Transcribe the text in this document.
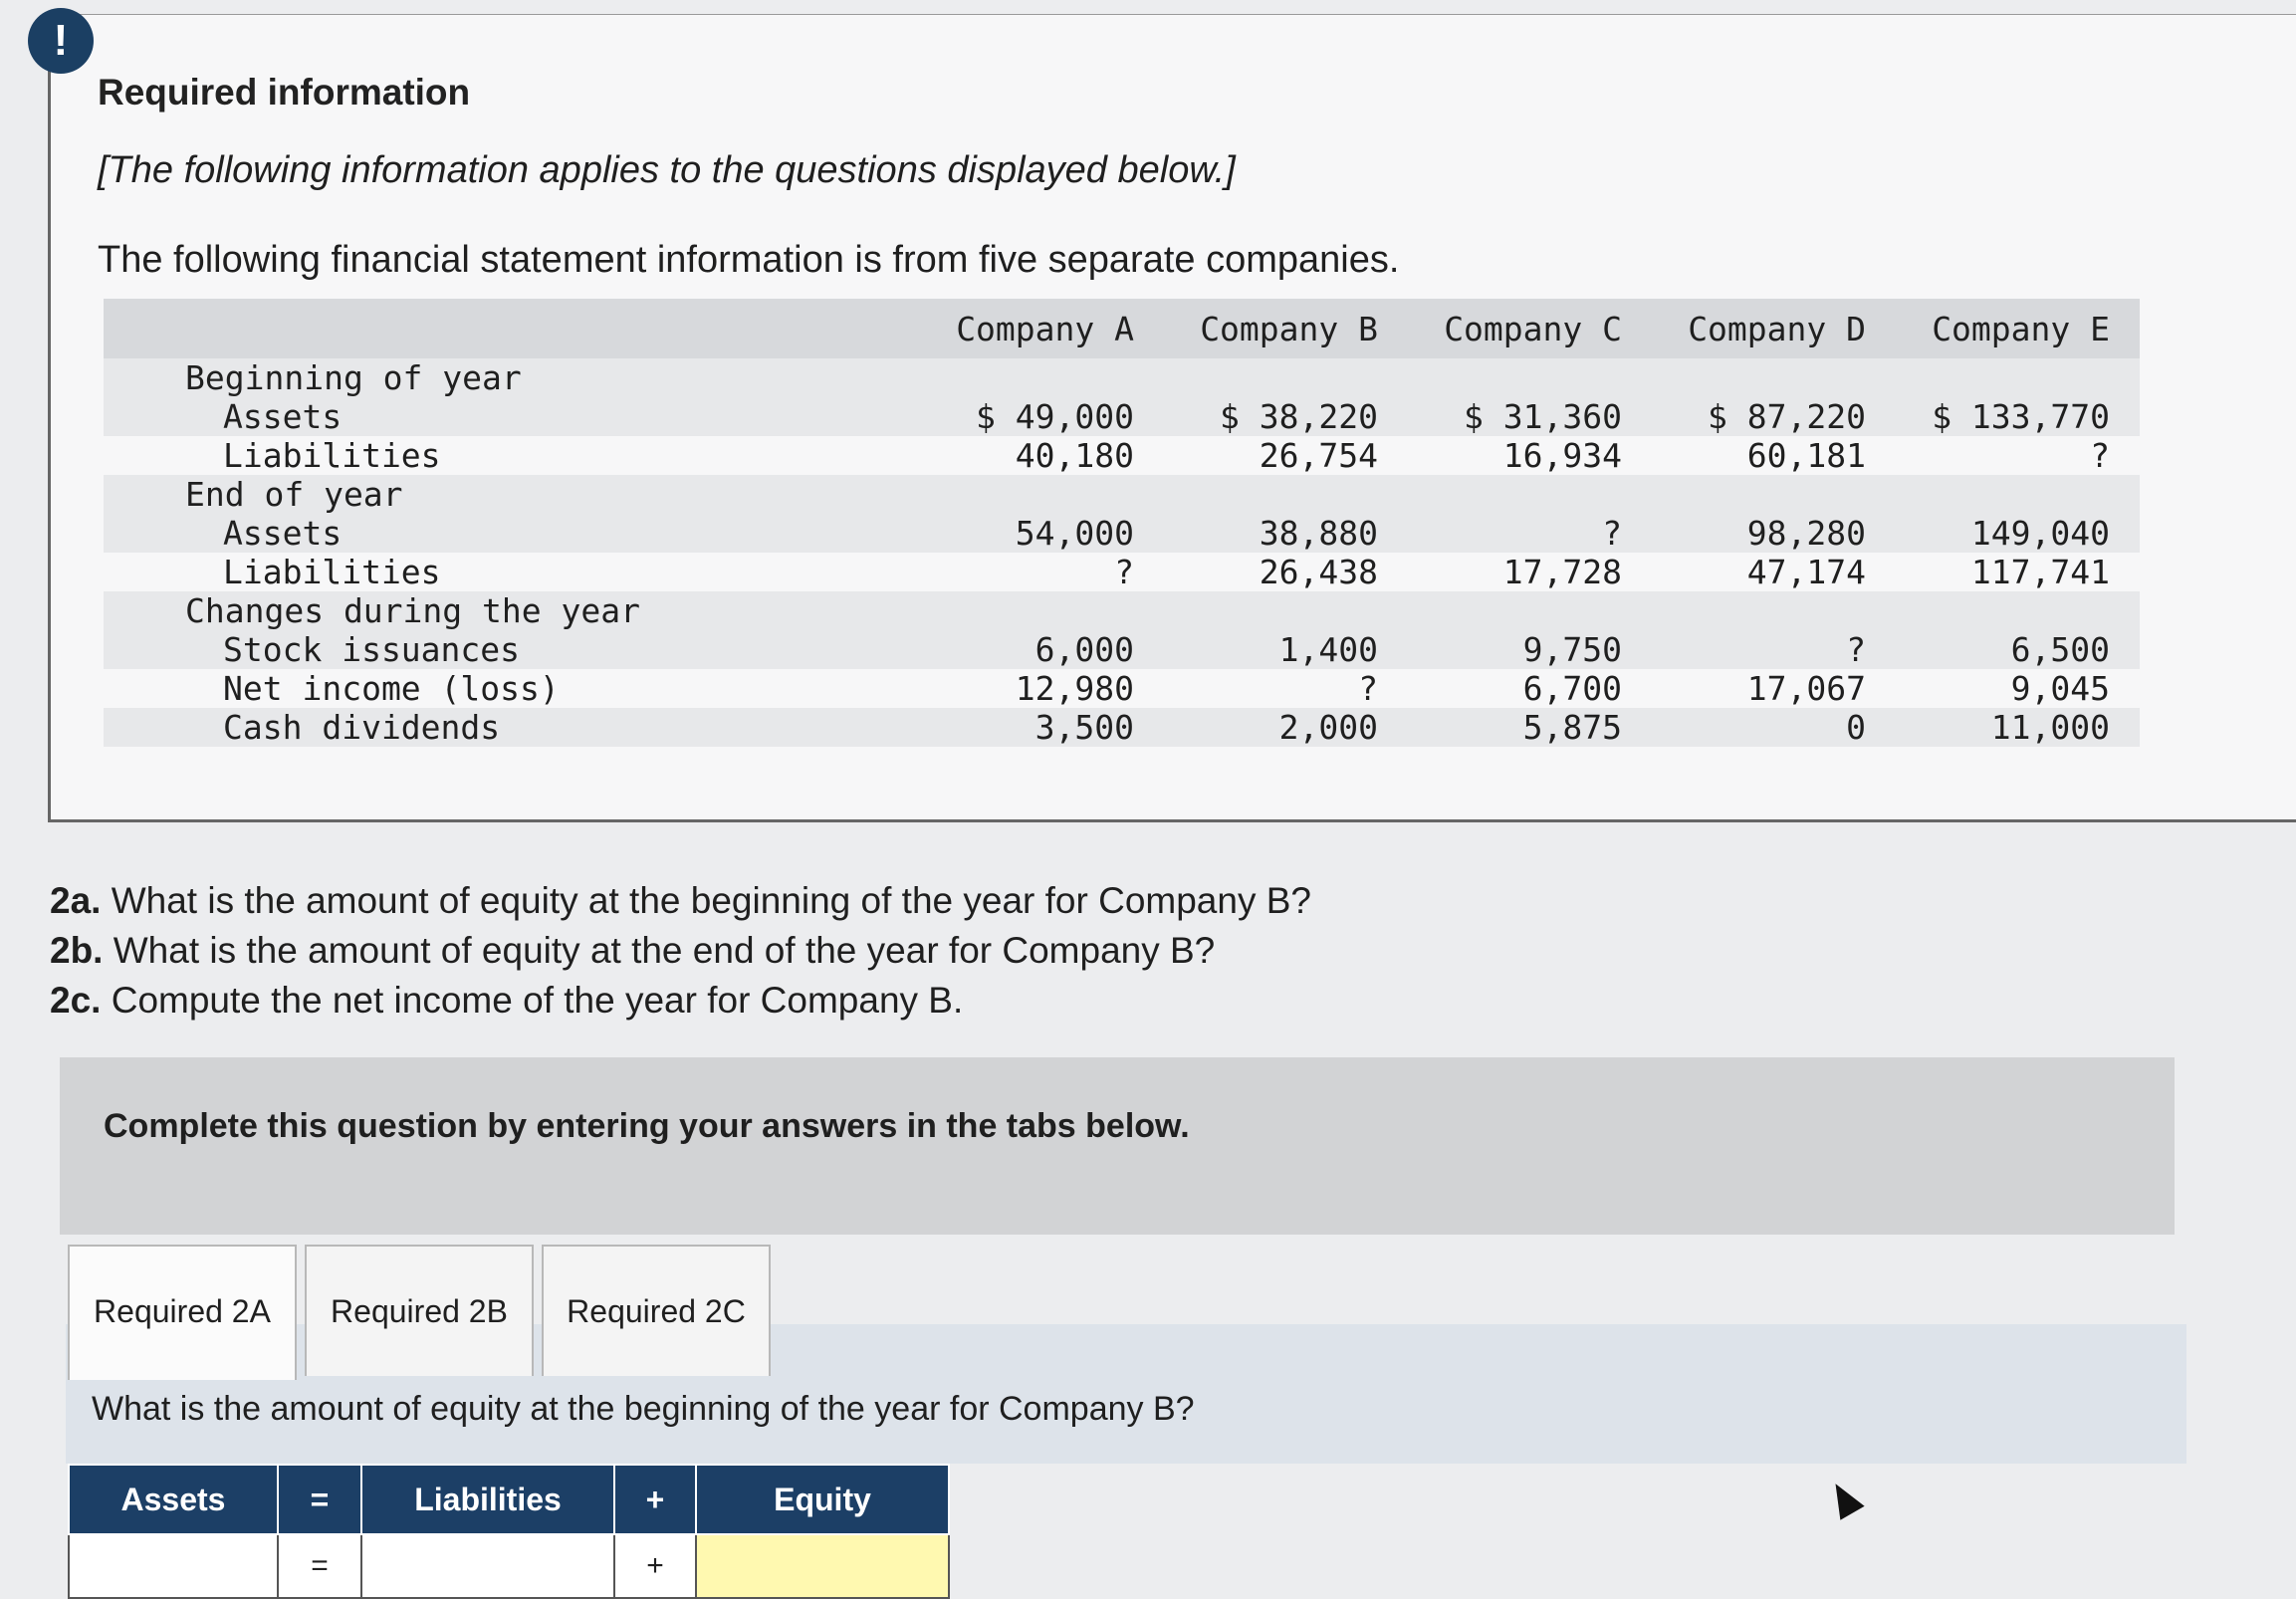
!
Required information
[The following information applies to the questions displayed below.]
The following financial statement information is from five separate companies.
	Company A	Company B	Company C	Company D	Company E
Beginning of year					
Assets	$ 49,000	$ 38,220	$ 31,360	$ 87,220	$ 133,770
Liabilities	40,180	26,754	16,934	60,181	?
End of year					
Assets	54,000	38,880	?	98,280	149,040
Liabilities	?	26,438	17,728	47,174	117,741
Changes during the year					
Stock issuances	6,000	1,400	9,750	?	6,500
Net income (loss)	12,980	?	6,700	17,067	9,045
Cash dividends	3,500	2,000	5,875	0	11,000
2a. What is the amount of equity at the beginning of the year for Company B?
2b. What is the amount of equity at the end of the year for Company B?
2c. Compute the net income of the year for Company B.
Complete this question by entering your answers in the tabs below.
Required 2A	Required 2B	Required 2C
What is the amount of equity at the beginning of the year for Company B?
Assets	=	Liabilities	+	Equity
	=		+	
